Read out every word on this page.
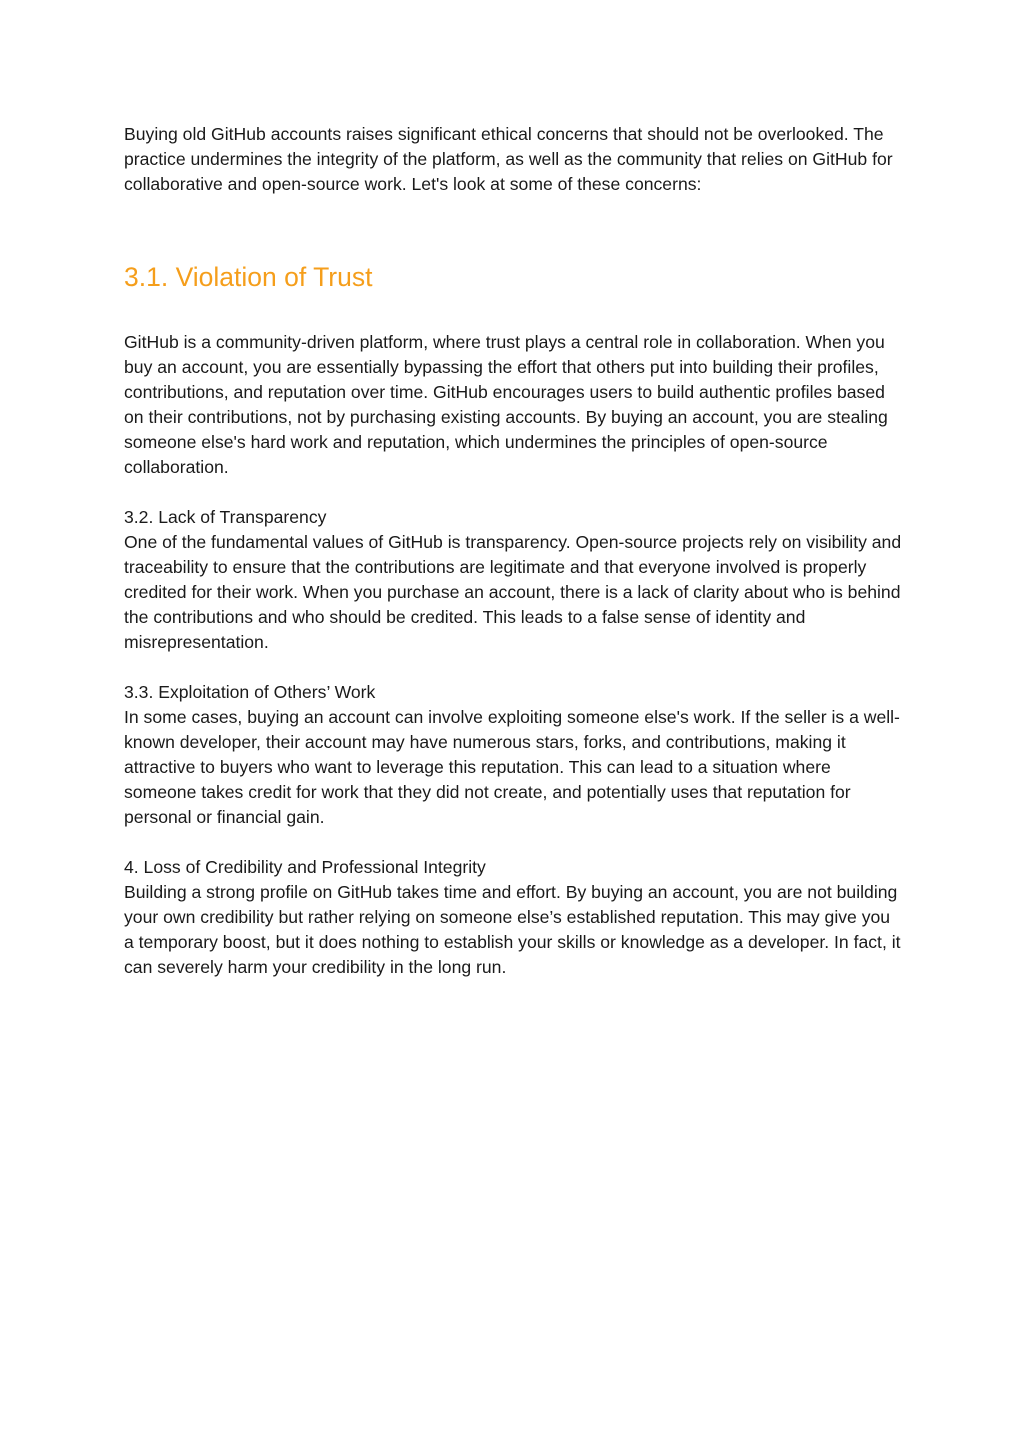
Buying old GitHub accounts raises significant ethical concerns that should not be overlooked. The practice undermines the integrity of the platform, as well as the community that relies on GitHub for collaborative and open-source work. Let's look at some of these concerns:

3.1. Violation of Trust

GitHub is a community-driven platform, where trust plays a central role in collaboration. When you buy an account, you are essentially bypassing the effort that others put into building their profiles, contributions, and reputation over time. GitHub encourages users to build authentic profiles based on their contributions, not by purchasing existing accounts. By buying an account, you are stealing someone else's hard work and reputation, which undermines the principles of open-source collaboration.

3.2. Lack of Transparency

One of the fundamental values of GitHub is transparency. Open-source projects rely on visibility and traceability to ensure that the contributions are legitimate and that everyone involved is properly credited for their work. When you purchase an account, there is a lack of clarity about who is behind the contributions and who should be credited. This leads to a false sense of identity and misrepresentation.

3.3. Exploitation of Others’ Work

In some cases, buying an account can involve exploiting someone else's work. If the seller is a well-known developer, their account may have numerous stars, forks, and contributions, making it attractive to buyers who want to leverage this reputation. This can lead to a situation where someone takes credit for work that they did not create, and potentially uses that reputation for personal or financial gain.

4. Loss of Credibility and Professional Integrity

Building a strong profile on GitHub takes time and effort. By buying an account, you are not building your own credibility but rather relying on someone else’s established reputation. This may give you a temporary boost, but it does nothing to establish your skills or knowledge as a developer. In fact, it can severely harm your credibility in the long run.
